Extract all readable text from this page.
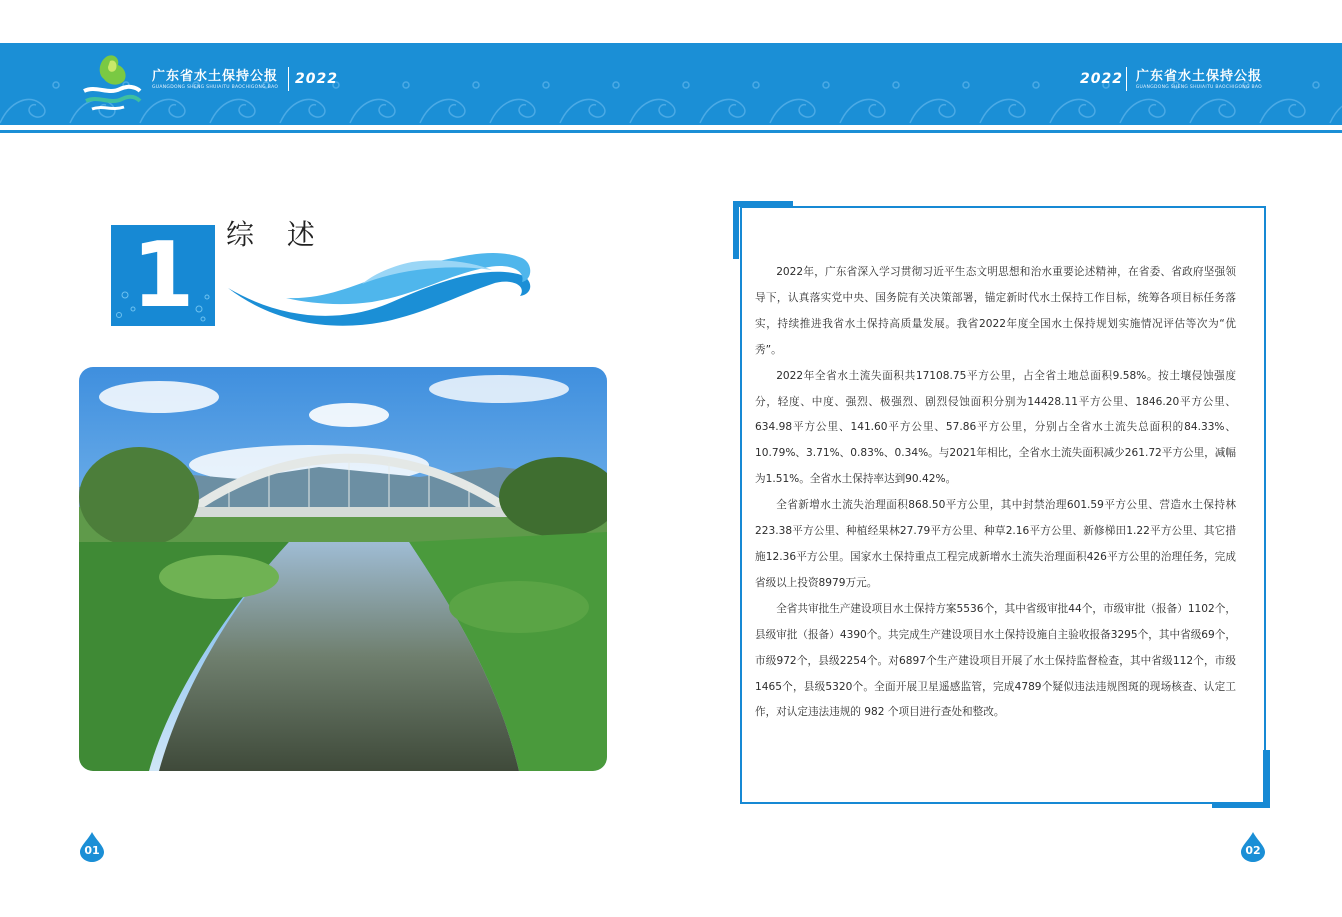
广东省水土保持公报
GUANGDONG SHENG SHUIAITU BAOCHIGONG BAO
2022	2022 广东省水土保持公报
GUANGDONG SHENG SHUIAITU BAOCHIGONG BAO
1	综 述

2022年，广东省深入学习贯彻习近平生态文明思想和治水重要论述精神，在省委、省政府坚强领导下，认真落实党中央、国务院有关决策部署，锚定新时代水土保持工作目标，统筹各项目标任务落实，持续推进我省水土保持高质量发展。我省2022年度全国水土保持规划实施情况评估等次为“优秀”。

2022年全省水土流失面积共17108.75平方公里，占全省土地总面积9.58%。按土壤侵蚀强度分，轻度、中度、强烈、极强烈、剧烈侵蚀面积分别为14428.11平方公里、1846.20平方公里、634.98平方公里、141.60平方公里、57.86平方公里，分别占全省水土流失总面积的84.33%、10.79%、3.71%、0.83%、0.34%。与2021年相比，全省水土流失面积减少261.72平方公里，减幅为1.51%。全省水土保持率达到90.42%。

全省新增水土流失治理面积868.50平方公里，其中封禁治理601.59平方公里、营造水土保持林223.38平方公里、种植经果林27.79平方公里、种草2.16平方公里、新修梯田1.22平方公里、其它措施12.36平方公里。国家水土保持重点工程完成新增水土流失治理面积426平方公里的治理任务，完成省级以上投资8979万元。

全省共审批生产建设项目水土保持方案5536个，其中省级审批44个，市级审批（报备）1102个，县级审批（报备）4390个。共完成生产建设项目水土保持设施自主验收报备3295个，其中省级69个，市级972个，县级2254个。对6897个生产建设项目开展了水土保持监督检查，其中省级112个，市级1465个，县级5320个。全面开展卫星遥感监管，完成4789个疑似违法违规图斑的现场核查、认定工作，对认定违法违规的 982 个项目进行查处和整改。

01	02
